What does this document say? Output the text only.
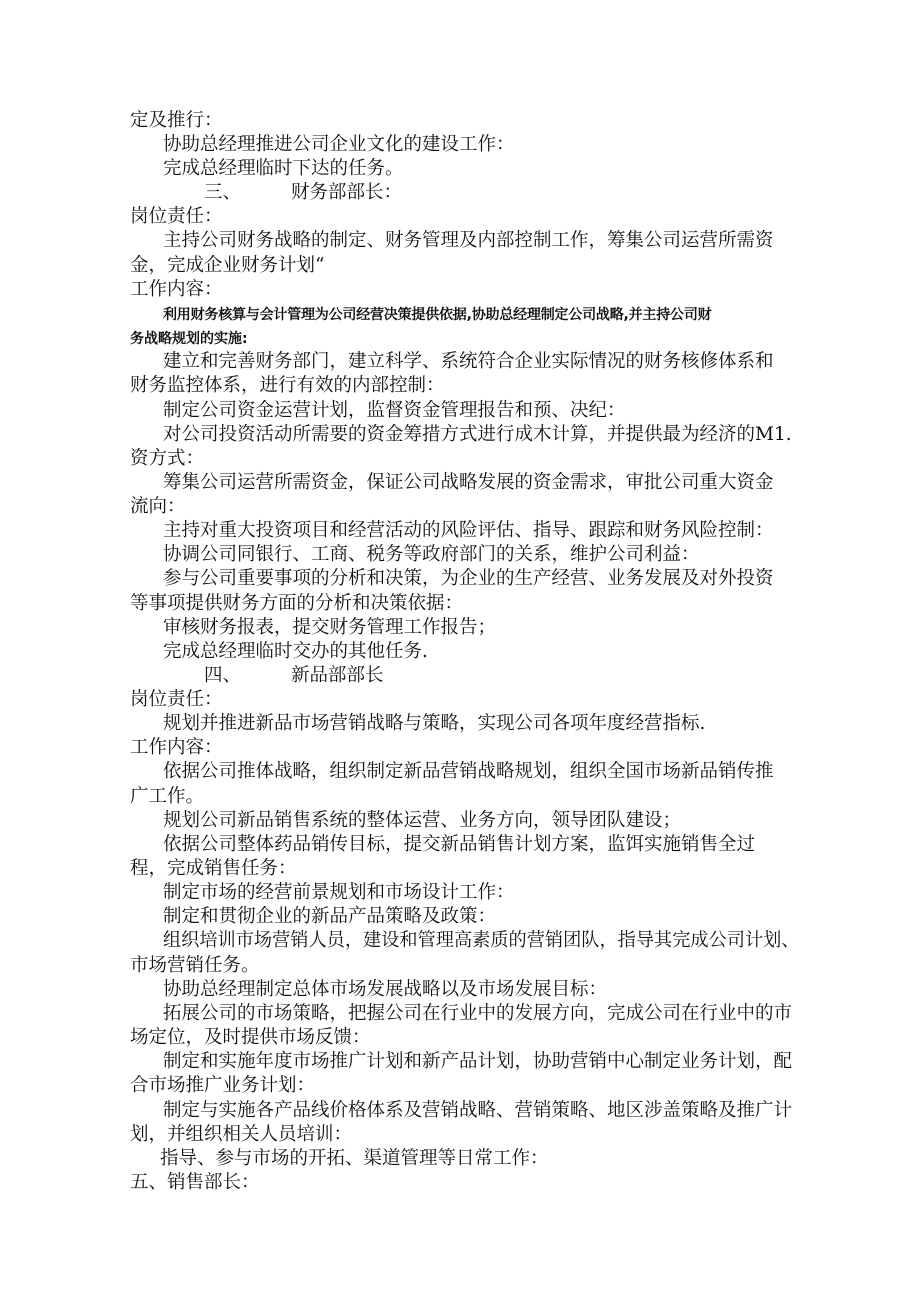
定及推行：
协助总经理推进公司企业文化的建设工作：
完成总经理临时下达的任务。
三、	财务部部长：
岗位责任：
主持公司财务战略的制定、财务管理及内部控制工作，筹集公司运营所需资
金，完成企业财务计划“
工作内容：
利用财务核算与会计管理为公司经营决策提供依据,协助总经理制定公司战略,并主持公司财
务战略规划的实施:
建立和完善财务部门，建立科学、系统符合企业实际情况的财务核修体系和
财务监控体系，进行有效的内部控制：
制定公司资金运营计划，监督资金管理报告和预、决纪：
对公司投资活动所需要的资金筹措方式进行成木计算，并提供最为经济的M1.
资方式：
筹集公司运营所需资金，保证公司战略发展的资金需求，审批公司重大资金
流向：
主持对重大投资项目和经营活动的风险评估、指导、跟踪和财务风险控制：
协调公司同银行、工商、税务等政府部门的关系，维护公司利益：
参与公司重要事项的分析和决策，为企业的生产经营、业务发展及对外投资
等事项提供财务方面的分析和决策依据：
审核财务报表，提交财务管理工作报告；
完成总经理临时交办的其他任务.
四、	新品部部长
岗位责任：
规划并推进新品市场营销战略与策略，实现公司各项年度经营指标.
工作内容：
依据公司推体战略，组织制定新品营销战略规划，组织全国市场新品销传推
广工作。
规划公司新品销售系统的整体运营、业务方向，领导团队建设；
依据公司整体药品销传目标，提交新品销售计划方案，监饵实施销售全过
程，完成销售任务：
制定市场的经营前景规划和市场设计工作：
制定和贯彻企业的新品产品策略及政策：
组织培训市场营销人员，建设和管理高素质的营销团队，指导其完成公司计划、
市场营销任务。
协助总经理制定总体市场发展战略以及市场发展目标：
拓展公司的市场策略，把握公司在行业中的发展方向，完成公司在行业中的市
场定位，及时提供市场反馈：
制定和实施年度市场推广计划和新产品计划，协助营销中心制定业务计划，配
合市场推广业务计划：
制定与实施各产品线价格体系及营销战略、营销策略、地区涉盖策略及推广计
划，并组织相关人员培训：
指导、参与市场的开拓、渠道管理等日常工作：
五、销售部长：
